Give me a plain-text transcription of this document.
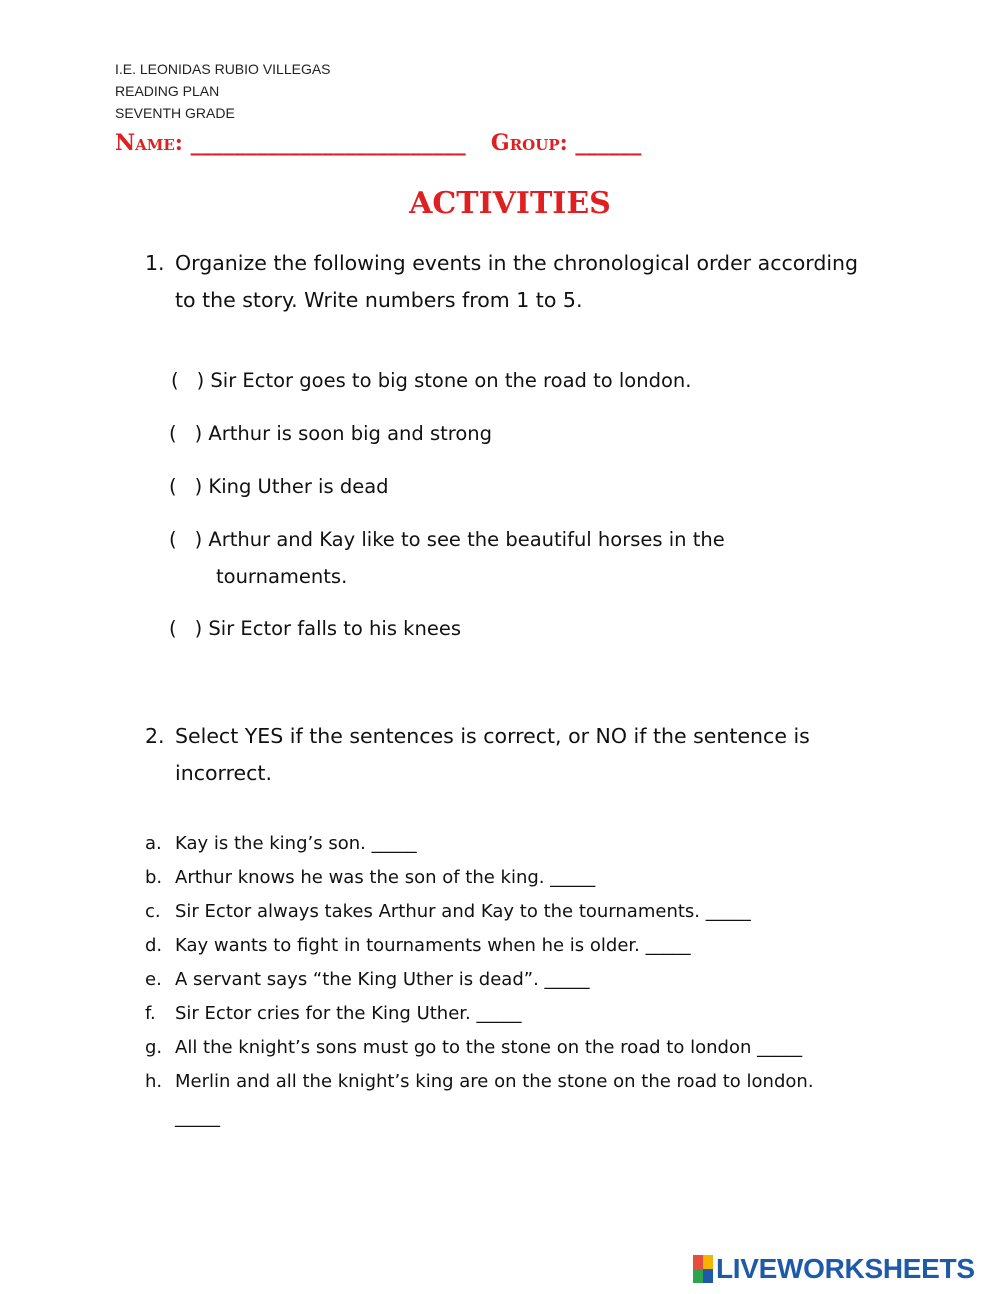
I.E. LEONIDAS RUBIO VILLEGAS
READING PLAN
SEVENTH GRADE
Name: _________________________ Group: ______
ACTIVITIES
1. Organize the following events in the chronological order according
to the story. Write numbers from 1 to 5.
( ) Sir Ector goes to big stone on the road to london.
( ) Arthur is soon big and strong
( ) King Uther is dead
( ) Arthur and Kay like to see the beautiful horses in the
tournaments.
( ) Sir Ector falls to his knees
2. Select YES if the sentences is correct, or NO if the sentence is
incorrect.
a. Kay is the king’s son. _____
b. Arthur knows he was the son of the king. _____
c. Sir Ector always takes Arthur and Kay to the tournaments. _____
d. Kay wants to fight in tournaments when he is older. _____
e. A servant says “the King Uther is dead”. _____
f. Sir Ector cries for the King Uther. _____
g. All the knight’s sons must go to the stone on the road to london _____
h. Merlin and all the knight’s king are on the stone on the road to london.
_____
LIVEWORKSHEETS
